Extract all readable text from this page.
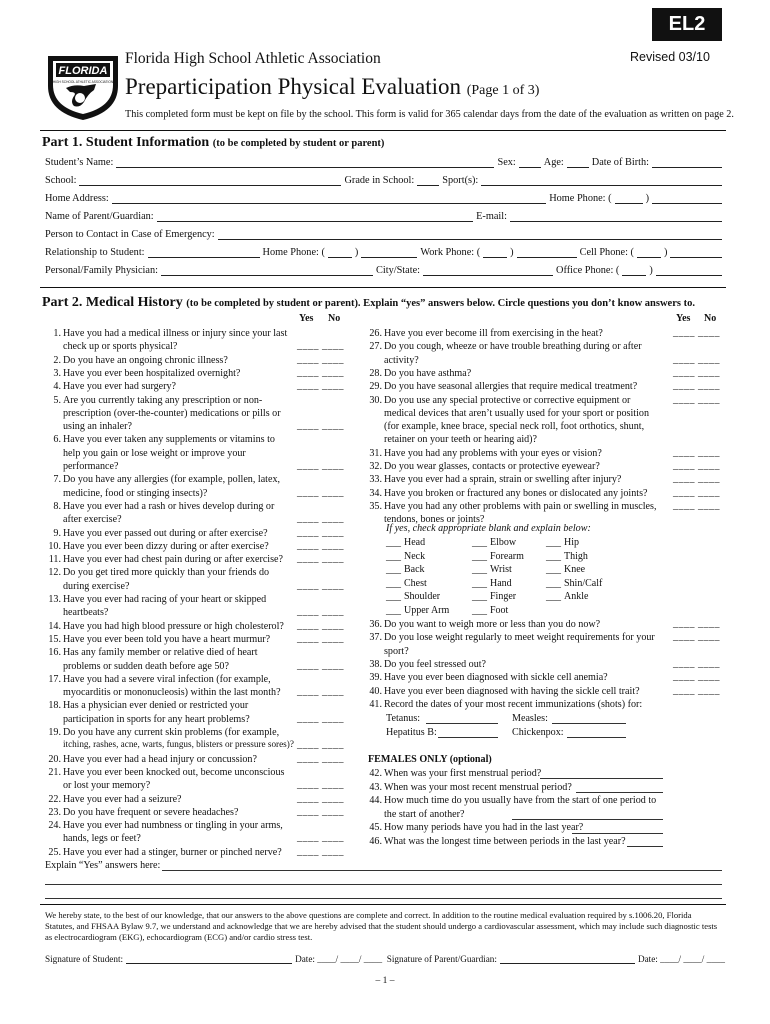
EL2
Revised 03/10
FLORIDA
HIGH SCHOOL ATHLETIC ASSOCIATION
Florida High School Athletic Association
Preparticipation Physical Evaluation (Page 1 of 3)
This completed form must be kept on file by the school. This form is valid for 365 calendar days from the date of the evaluation as written on page 2.
Part 1. Student Information (to be completed by student or parent)
Student’s Name:	Sex:	Age:	Date of Birth:
School:	Grade in School:	Sport(s):
Home Address:	Home Phone: (	)
Name of Parent/Guardian:	E-mail:
Person to Contact in Case of Emergency:
Relationship to Student:	Home Phone: (	)	Work Phone: (	)	Cell Phone: (	)
Personal/Family Physician:	City/State:	Office Phone: (	)
Part 2. Medical History (to be completed by student or parent). Explain “yes” answers below. Circle questions you don’t know answers to.
Yes No	Yes No
1. Have you had a medical illness or injury since your last
check up or sports physical?	____ ____
2. Do you have an ongoing chronic illness?	____ ____
3. Have you ever been hospitalized overnight?	____ ____
4. Have you ever had surgery?	____ ____
5. Are you currently taking any prescription or non-
prescription (over-the-counter) medications or pills or
using an inhaler?	____ ____
6. Have you ever taken any supplements or vitamins to
help you gain or lose weight or improve your
performance?	____ ____
7. Do you have any allergies (for example, pollen, latex,
medicine, food or stinging insects)?	____ ____
8. Have you ever had a rash or hives develop during or
after exercise?	____ ____
9. Have you ever passed out during or after exercise?	____ ____
10. Have you ever been dizzy during or after exercise?	____ ____
11. Have you ever had chest pain during or after exercise? ____ ____
12. Do you get tired more quickly than your friends do
during exercise?	____ ____
13. Have you ever had racing of your heart or skipped
heartbeats?	____ ____
14. Have you had high blood pressure or high cholesterol? ____ ____
15. Have you ever been told you have a heart murmur?	____ ____
16. Has any family member or relative died of heart
problems or sudden death before age 50?	____ ____
17. Have you had a severe viral infection (for example,
myocarditis or mononucleosis) within the last month? ____ ____
18. Has a physician ever denied or restricted your
participation in sports for any heart problems?	____ ____
19. Do you have any current skin problems (for example,
itching, rashes, acne, warts, fungus, blisters or pressure sores)? ____ ____
20. Have you ever had a head injury or concussion?	____ ____
21. Have you ever been knocked out, become unconscious
or lost your memory?	____ ____
22. Have you ever had a seizure?	____ ____
23. Do you have frequent or severe headaches?	____ ____
24. Have you ever had numbness or tingling in your arms,
hands, legs or feet?	____ ____
25. Have you ever had a stinger, burner or pinched nerve? ____ ____
26. Have you ever become ill from exercising in the heat?	____ ____
27. Do you cough, wheeze or have trouble breathing during or after
activity?	____ ____
28. Do you have asthma?	____ ____
29. Do you have seasonal allergies that require medical treatment?	____ ____
30. Do you use any special protective or corrective equipment or	____ ____
medical devices that aren’t usually used for your sport or position
(for example, knee brace, special neck roll, foot orthotics, shunt,
retainer on your teeth or hearing aid)?
31. Have you had any problems with your eyes or vision?	____ ____
32. Do you wear glasses, contacts or protective eyewear?	____ ____
33. Have you ever had a sprain, strain or swelling after injury?	____ ____
34. Have you broken or fractured any bones or dislocated any joints?	____ ____
35. Have you had any other problems with pain or swelling in muscles, ____ ____
tendons, bones or joints?
If yes, check appropriate blank and explain below:
___ Head	___ Elbow	___ Hip
___ Neck	___ Forearm ___ Thigh
___ Back	___ Wrist	___ Knee
___ Chest	___ Hand	___ Shin/Calf
___ Shoulder	___ Finger	___ Ankle
___ Upper Arm ___ Foot
36. Do you want to weigh more or less than you do now?	____ ____
37. Do you lose weight regularly to meet weight requirements for your ____ ____
sport?
38. Do you feel stressed out?	____ ____
39. Have you ever been diagnosed with sickle cell anemia?	____ ____
40. Have you ever been diagnosed with having the sickle cell trait?	____ ____
41. Record the dates of your most recent immunizations (shots) for:
Tetanus:	Measles:
Hepatitus B:	Chickenpox:
FEMALES ONLY (optional)
42. When was your first menstrual period?
43. When was your most recent menstrual period?
44. How much time do you usually have from the start of one period to
the start of another?
45. How many periods have you had in the last year?
46. What was the longest time between periods in the last year?
Explain “Yes” answers here:
We hereby state, to the best of our knowledge, that our answers to the above questions are complete and correct. In addition to the routine medical evaluation required by s.1006.20, Florida Statutes, and FHSAA Bylaw 9.7, we understand and acknowledge that we are hereby advised that the student should undergo a cardiovascular assessment, which may include such diagnostic tests as electrocardiogram (EKG), echocardiogram (ECG) and/or cardio stress test.
Signature of Student:	Date:
____/ ____/ ____
Signature of Parent/Guardian:	Date:
____/ ____/ ____
– 1 –
